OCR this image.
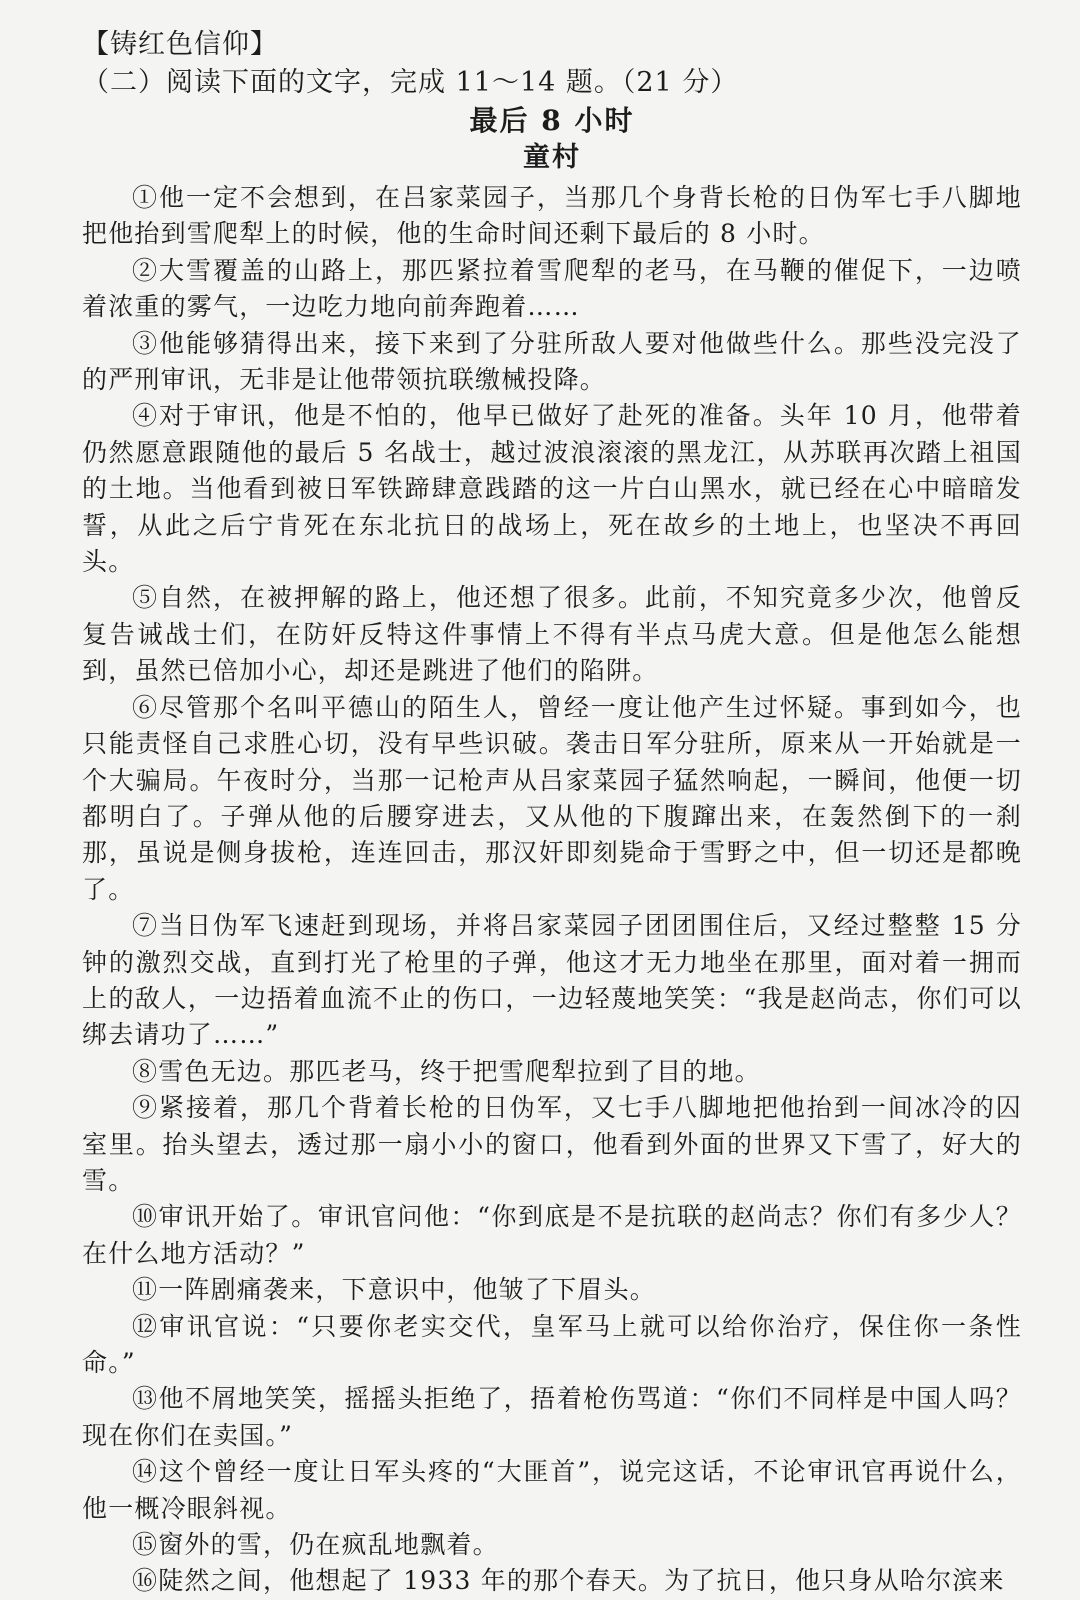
【铸红色信仰】
（二）阅读下面的文字，完成 11～14 题。（21 分）
最后 8 小时
童村

①他一定不会想到，在吕家菜园子，当那几个身背长枪的日伪军七手八脚地把他抬到雪爬犁上的时候，他的生命时间还剩下最后的 8 小时。

②大雪覆盖的山路上，那匹紧拉着雪爬犁的老马，在马鞭的催促下，一边喷着浓重的雾气，一边吃力地向前奔跑着……

③他能够猜得出来，接下来到了分驻所敌人要对他做些什么。那些没完没了的严刑审讯，无非是让他带领抗联缴械投降。

④对于审讯，他是不怕的，他早已做好了赴死的准备。头年 10 月，他带着仍然愿意跟随他的最后 5 名战士，越过波浪滚滚的黑龙江，从苏联再次踏上祖国的土地。当他看到被日军铁蹄肆意践踏的这一片白山黑水，就已经在心中暗暗发誓，从此之后宁肯死在东北抗日的战场上，死在故乡的土地上，也坚决不再回头。

⑤自然，在被押解的路上，他还想了很多。此前，不知究竟多少次，他曾反复告诫战士们，在防奸反特这件事情上不得有半点马虎大意。但是他怎么能想到，虽然已倍加小心，却还是跳进了他们的陷阱。

⑥尽管那个名叫平德山的陌生人，曾经一度让他产生过怀疑。事到如今，也只能责怪自己求胜心切，没有早些识破。袭击日军分驻所，原来从一开始就是一个大骗局。午夜时分，当那一记枪声从吕家菜园子猛然响起，一瞬间，他便一切都明白了。子弹从他的后腰穿进去，又从他的下腹蹿出来，在轰然倒下的一刹那，虽说是侧身拔枪，连连回击，那汉奸即刻毙命于雪野之中，但一切还是都晚了。

⑦当日伪军飞速赶到现场，并将吕家菜园子团团围住后，又经过整整 15 分钟的激烈交战，直到打光了枪里的子弹，他这才无力地坐在那里，面对着一拥而上的敌人，一边捂着血流不止的伤口，一边轻蔑地笑笑：“我是赵尚志，你们可以绑去请功了……”

⑧雪色无边。那匹老马，终于把雪爬犁拉到了目的地。

⑨紧接着，那几个背着长枪的日伪军，又七手八脚地把他抬到一间冰冷的囚室里。抬头望去，透过那一扇小小的窗口，他看到外面的世界又下雪了，好大的雪。

⑩审讯开始了。审讯官问他：“你到底是不是抗联的赵尚志？你们有多少人？在什么地方活动？”

⑪一阵剧痛袭来，下意识中，他皱了下眉头。

⑫审讯官说：“只要你老实交代，皇军马上就可以给你治疗，保住你一条性命。”

⑬他不屑地笑笑，摇摇头拒绝了，捂着枪伤骂道：“你们不同样是中国人吗？现在你们在卖国。”

⑭这个曾经一度让日军头疼的“大匪首”，说完这话，不论审讯官再说什么，他一概冷眼斜视。

⑮窗外的雪，仍在疯乱地飘着。

⑯陡然之间，他想起了 1933 年的那个春天。为了抗日，他只身从哈尔滨来
